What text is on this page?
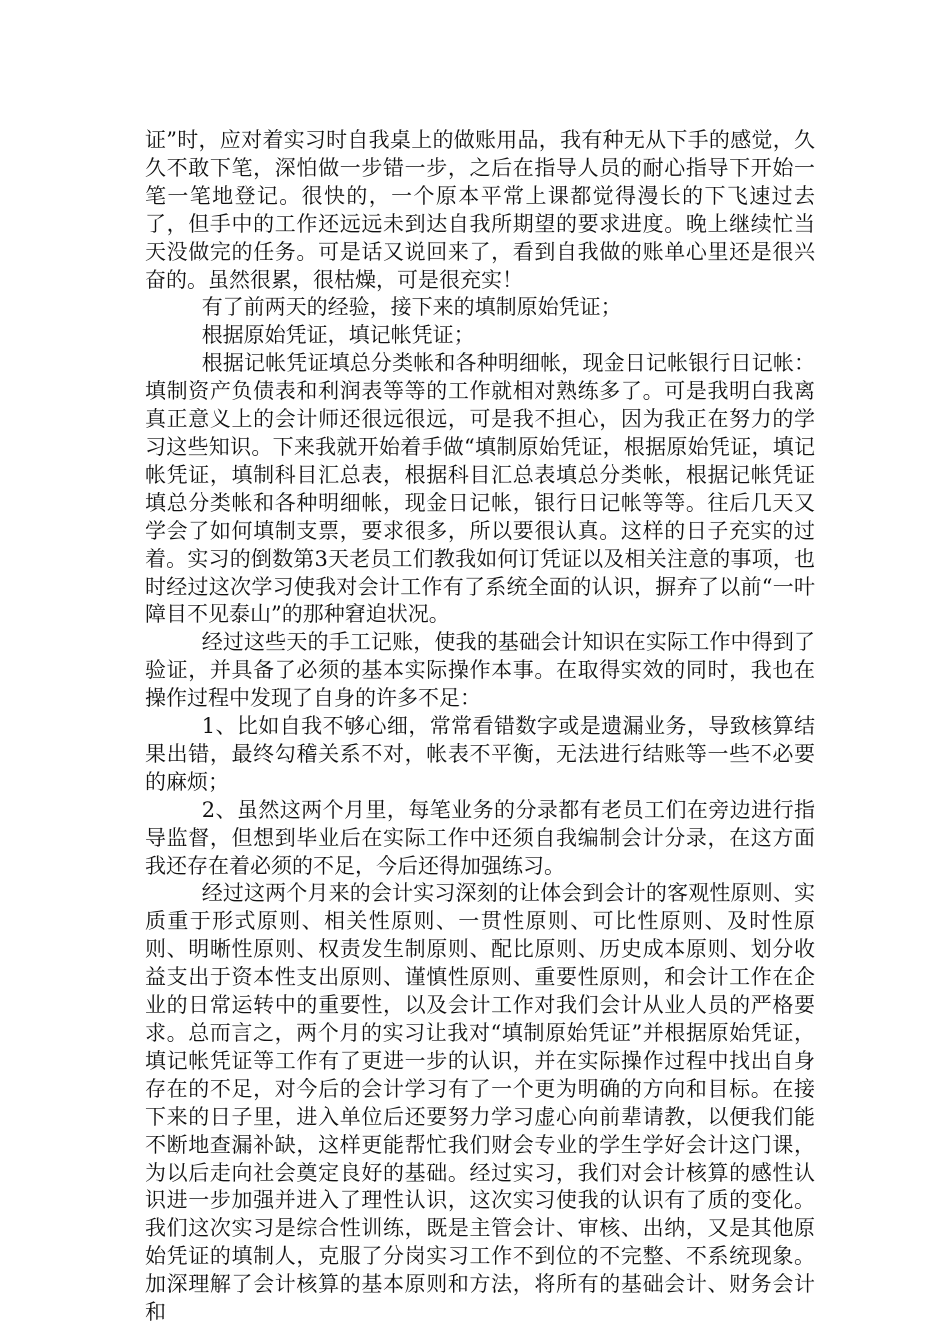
证”时，应对着实习时自我桌上的做账用品，我有种无从下手的感觉，久久不敢下笔，深怕做一步错一步，之后在指导人员的耐心指导下开始一笔一笔地登记。很快的，一个原本平常上课都觉得漫长的下飞速过去了，但手中的工作还远远未到达自我所期望的要求进度。晚上继续忙当天没做完的任务。可是话又说回来了，看到自我做的账单心里还是很兴奋的。虽然很累，很枯燥，可是很充实！

有了前两天的经验，接下来的填制原始凭证；

根据原始凭证，填记帐凭证；

根据记帐凭证填总分类帐和各种明细帐，现金日记帐银行日记帐：填制资产负债表和利润表等等的工作就相对熟练多了。可是我明白我离真正意义上的会计师还很远很远，可是我不担心，因为我正在努力的学习这些知识。下来我就开始着手做“填制原始凭证，根据原始凭证，填记帐凭证，填制科目汇总表，根据科目汇总表填总分类帐，根据记帐凭证填总分类帐和各种明细帐，现金日记帐，银行日记帐等等。往后几天又学会了如何填制支票，要求很多，所以要很认真。这样的日子充实的过着。实习的倒数第3天老员工们教我如何订凭证以及相关注意的事项，也时经过这次学习使我对会计工作有了系统全面的认识，摒弃了以前“一叶障目不见泰山”的那种窘迫状况。

经过这些天的手工记账，使我的基础会计知识在实际工作中得到了验证，并具备了必须的基本实际操作本事。在取得实效的同时，我也在操作过程中发现了自身的许多不足：

1、比如自我不够心细，常常看错数字或是遗漏业务，导致核算结果出错，最终勾稽关系不对，帐表不平衡，无法进行结账等一些不必要的麻烦；

2、虽然这两个月里，每笔业务的分录都有老员工们在旁边进行指导监督，但想到毕业后在实际工作中还须自我编制会计分录，在这方面我还存在着必须的不足，今后还得加强练习。

经过这两个月来的会计实习深刻的让体会到会计的客观性原则、实质重于形式原则、相关性原则、一贯性原则、可比性原则、及时性原则、明晰性原则、权责发生制原则、配比原则、历史成本原则、划分收益支出于资本性支出原则、谨慎性原则、重要性原则，和会计工作在企业的日常运转中的重要性，以及会计工作对我们会计从业人员的严格要求。总而言之，两个月的实习让我对“填制原始凭证”并根据原始凭证，填记帐凭证等工作有了更进一步的认识，并在实际操作过程中找出自身存在的不足，对今后的会计学习有了一个更为明确的方向和目标。在接下来的日子里，进入单位后还要努力学习虚心向前辈请教，以便我们能不断地查漏补缺，这样更能帮忙我们财会专业的学生学好会计这门课，为以后走向社会奠定良好的基础。经过实习，我们对会计核算的感性认识进一步加强并进入了理性认识，这次实习使我的认识有了质的变化。我们这次实习是综合性训练，既是主管会计、审核、出纳，又是其他原始凭证的填制人，克服了分岗实习工作不到位的不完整、不系统现象。加深理解了会计核算的基本原则和方法，将所有的基础会计、财务会计和
